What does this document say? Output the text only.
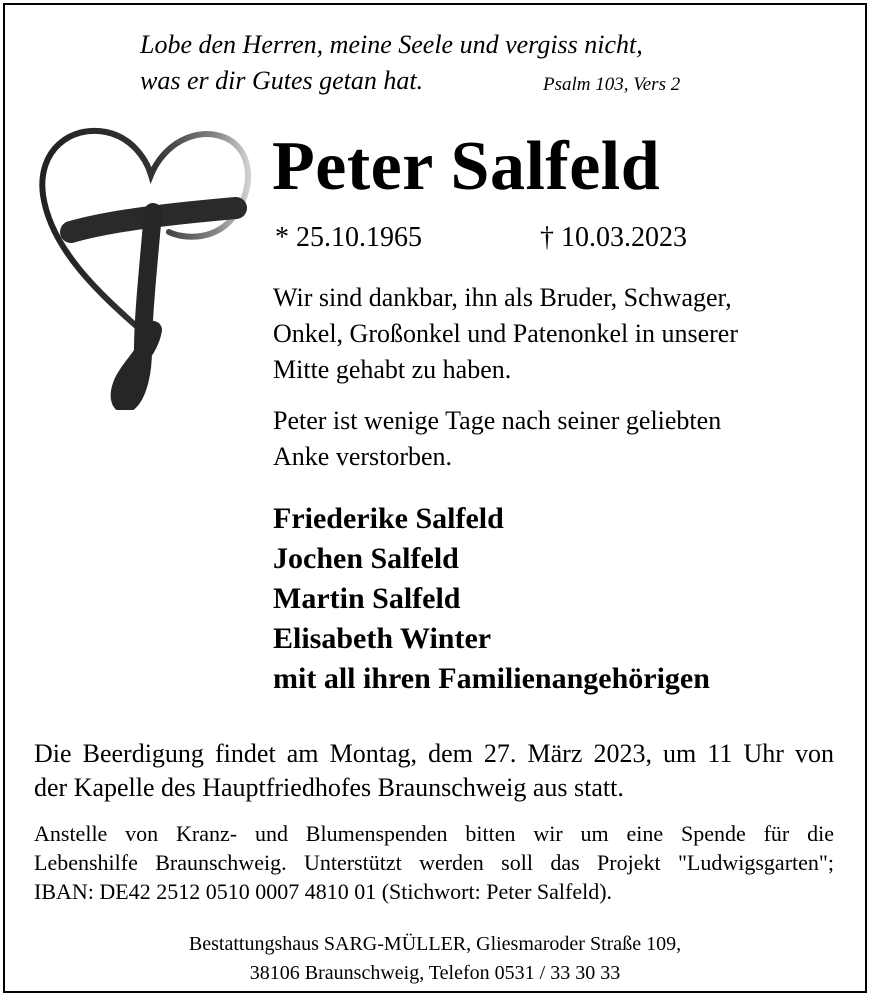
Lobe den Herren, meine Seele und vergiss nicht,
was er dir Gutes getan hat.	Psalm 103, Vers 2
Peter Salfeld
* 25.10.1965	† 10.03.2023
Wir sind dankbar, ihn als Bruder, Schwager,
Onkel, Großonkel und Patenonkel in unserer
Mitte gehabt zu haben.
Peter ist wenige Tage nach seiner geliebten
Anke verstorben.
Friederike Salfeld
Jochen Salfeld
Martin Salfeld
Elisabeth Winter
mit all ihren Familienangehörigen
Die Beerdigung findet am Montag, dem 27. März 2023, um 11 Uhr von
der Kapelle des Hauptfriedhofes Braunschweig aus statt.
Anstelle von Kranz- und Blumenspenden bitten wir um eine Spende für die
Lebenshilfe Braunschweig. Unterstützt werden soll das Projekt "Ludwigsgarten";
IBAN: DE42 2512 0510 0007 4810 01 (Stichwort: Peter Salfeld).
Bestattungshaus SARG-MÜLLER, Gliesmaroder Straße 109,
38106 Braunschweig, Telefon 0531 / 33 30 33
